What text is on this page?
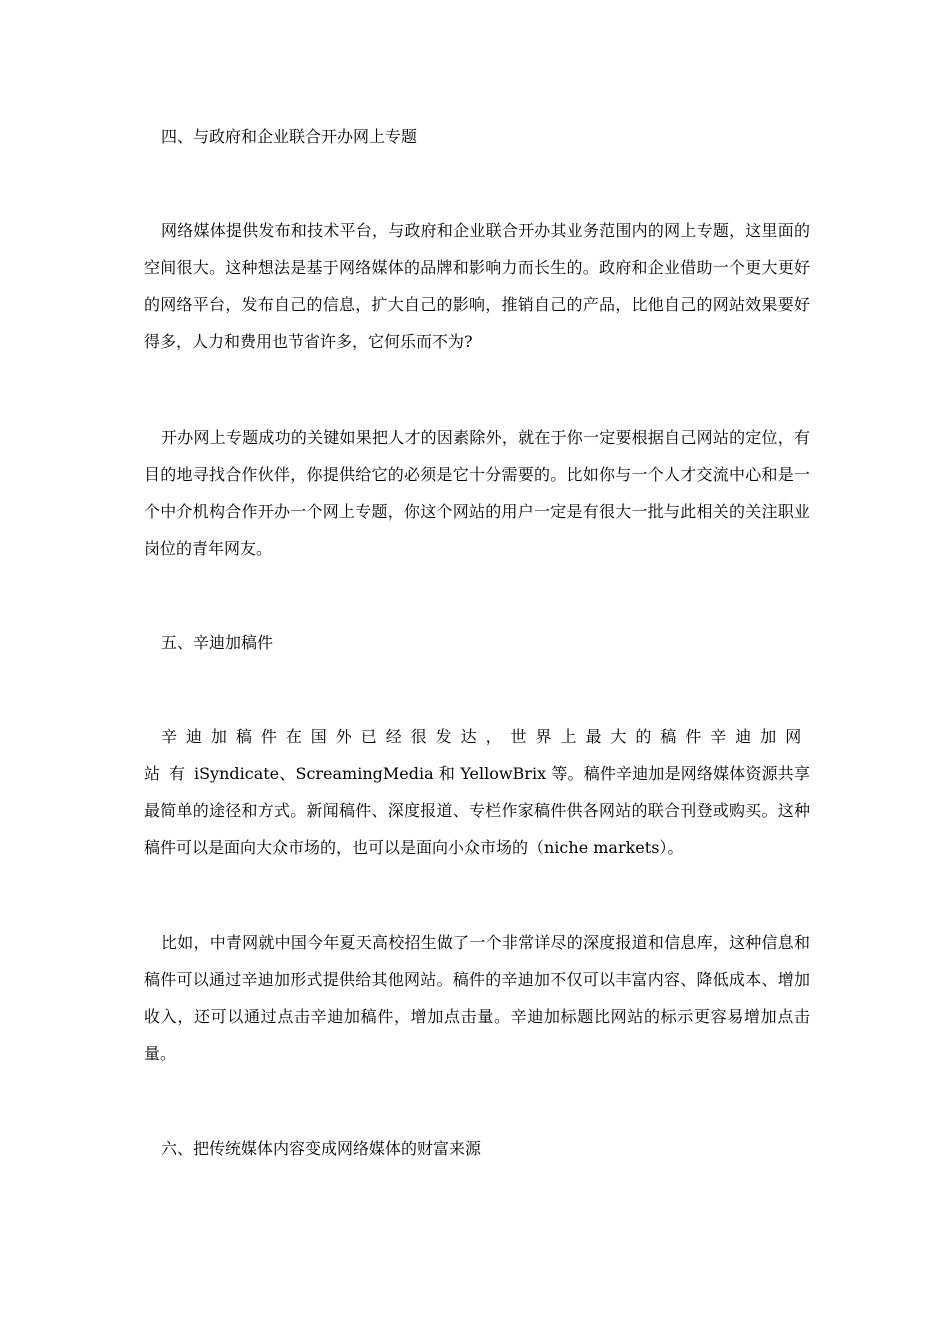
四、与政府和企业联合开办网上专题
网络媒体提供发布和技术平台，与政府和企业联合开办其业务范围内的网上专题，这里面的空间很大。这种想法是基于网络媒体的品牌和影响力而长生的。政府和企业借助一个更大更好的网络平台，发布自己的信息，扩大自己的影响，推销自己的产品，比他自己的网站效果要好得多，人力和费用也节省许多，它何乐而不为?
开办网上专题成功的关键如果把人才的因素除外，就在于你一定要根据自己网站的定位，有目的地寻找合作伙伴，你提供给它的必须是它十分需要的。比如你与一个人才交流中心和是一个中介机构合作开办一个网上专题，你这个网站的用户一定是有很大一批与此相关的关注职业岗位的青年网友。
五、辛迪加稿件
辛迪加稿件在国外已经很发达，世界上最大的稿件辛迪加网站有iSyndicate、ScreamingMedia 和 YellowBrix 等。稿件辛迪加是网络媒体资源共享最简单的途径和方式。新闻稿件、深度报道、专栏作家稿件供各网站的联合刊登或购买。这种稿件可以是面向大众市场的，也可以是面向小众市场的（niche markets）。
比如，中青网就中国今年夏天高校招生做了一个非常详尽的深度报道和信息库，这种信息和稿件可以通过辛迪加形式提供给其他网站。稿件的辛迪加不仅可以丰富内容、降低成本、增加收入，还可以通过点击辛迪加稿件，增加点击量。辛迪加标题比网站的标示更容易增加点击量。
六、把传统媒体内容变成网络媒体的财富来源
